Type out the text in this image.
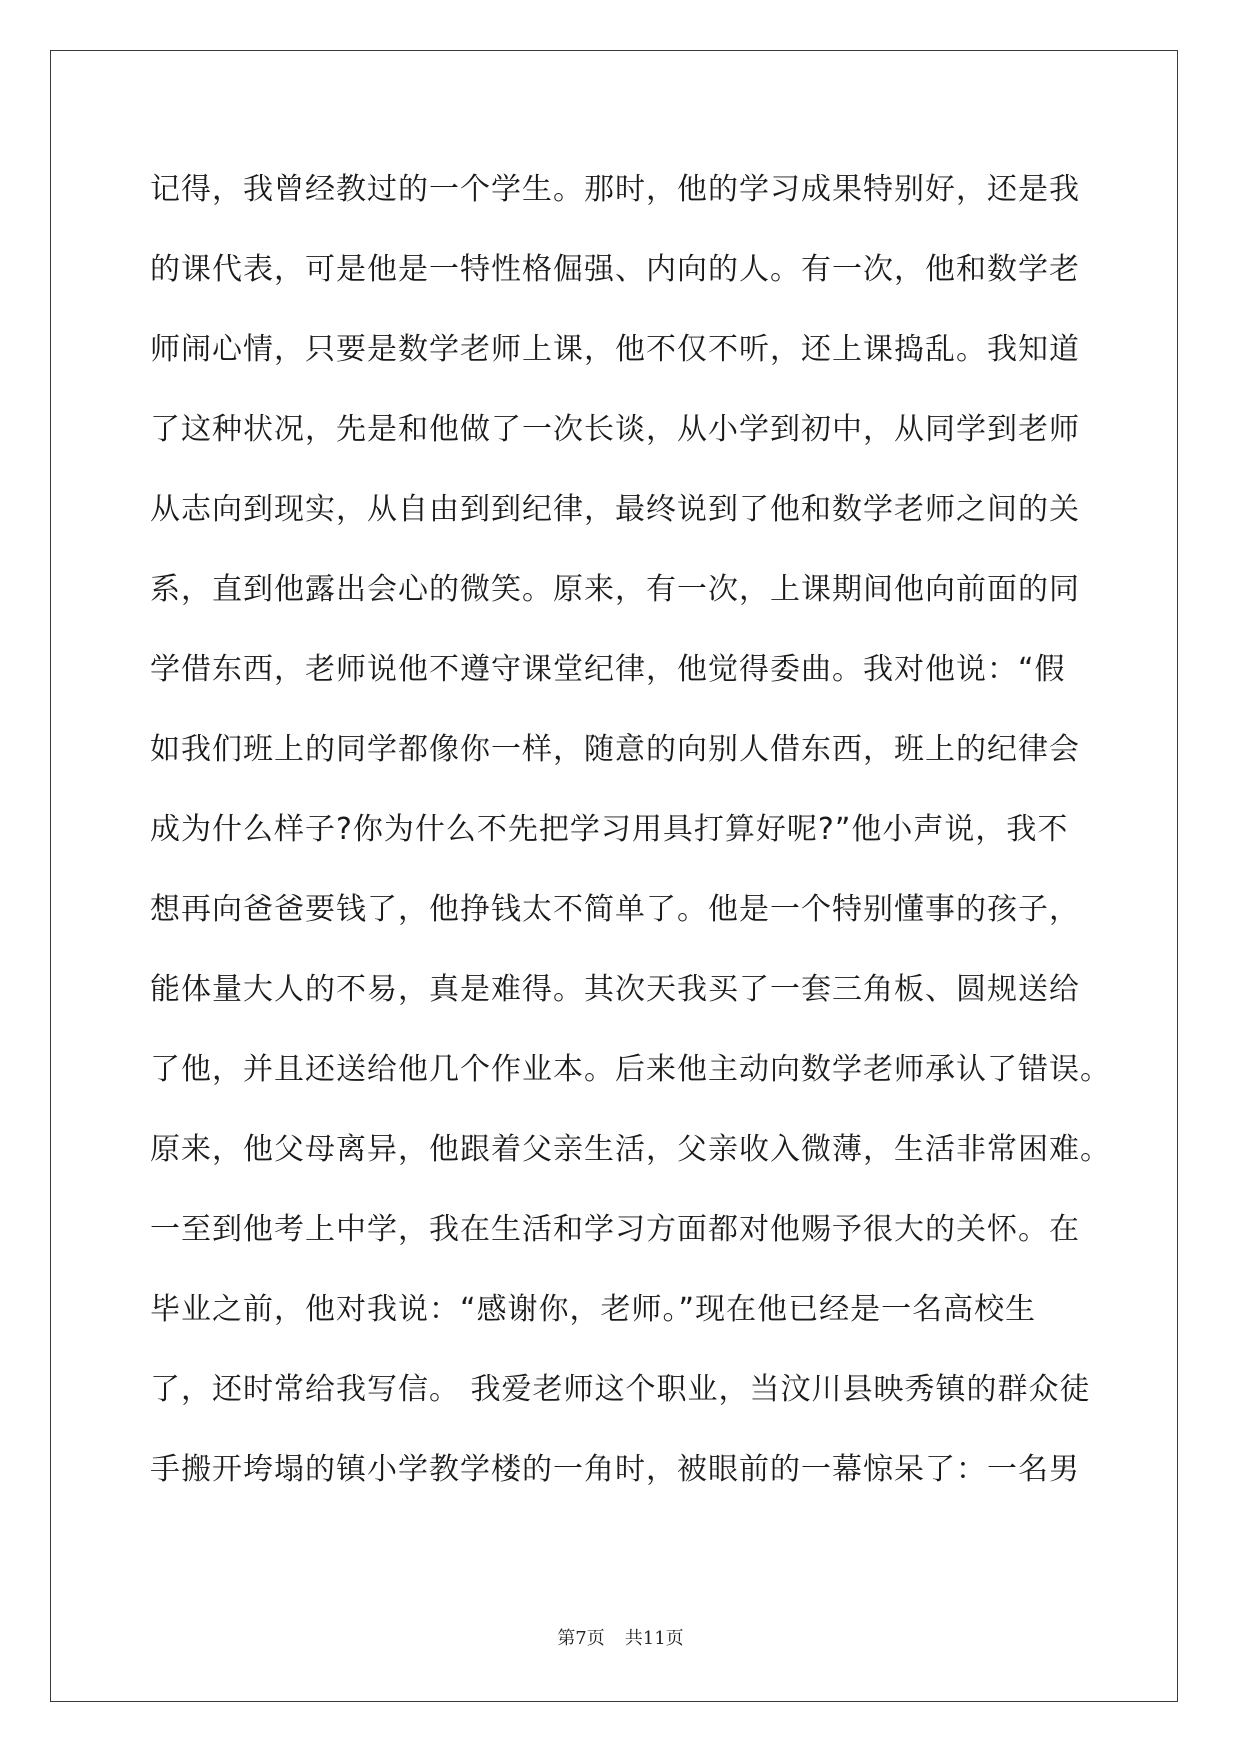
记得，我曾经教过的一个学生。那时，他的学习成果特别好，还是我
的课代表，可是他是一特性格倔强、内向的人。有一次，他和数学老
师闹心情，只要是数学老师上课，他不仅不听，还上课捣乱。我知道
了这种状况，先是和他做了一次长谈，从小学到初中，从同学到老师
从志向到现实，从自由到到纪律，最终说到了他和数学老师之间的关
系，直到他露出会心的微笑。原来，有一次，上课期间他向前面的同
学借东西，老师说他不遵守课堂纪律，他觉得委曲。我对他说：“假
如我们班上的同学都像你一样，随意的向别人借东西，班上的纪律会
成为什么样子?你为什么不先把学习用具打算好呢?”他小声说，我不
想再向爸爸要钱了，他挣钱太不简单了。他是一个特别懂事的孩子，
能体量大人的不易，真是难得。其次天我买了一套三角板、圆规送给
了他，并且还送给他几个作业本。后来他主动向数学老师承认了错误。
原来，他父母离异，他跟着父亲生活，父亲收入微薄，生活非常困难。
一至到他考上中学，我在生活和学习方面都对他赐予很大的关怀。在
毕业之前，他对我说：“感谢你，老师。”现在他已经是一名高校生
了，还时常给我写信。 我爱老师这个职业，当汶川县映秀镇的群众徒
手搬开垮塌的镇小学教学楼的一角时，被眼前的一幕惊呆了：一名男
第7页 共11页
